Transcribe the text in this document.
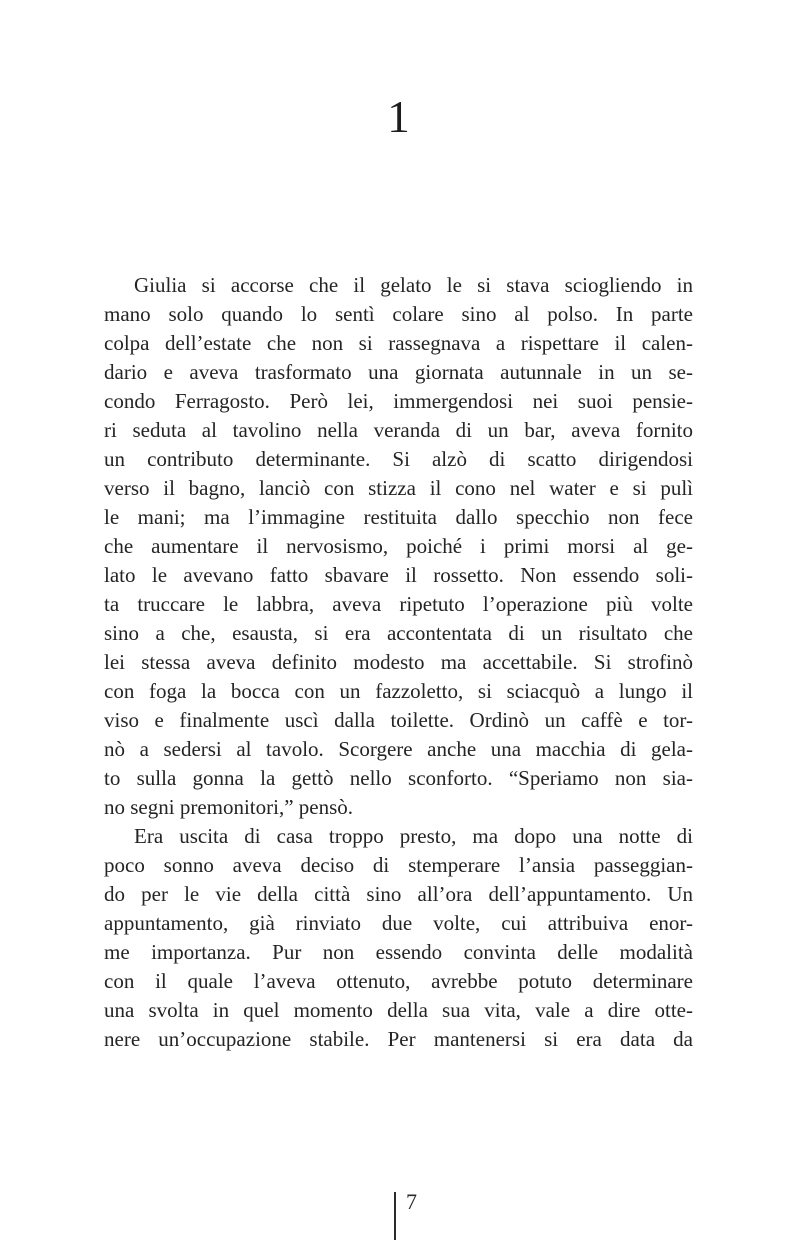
1
Giulia si accorse che il gelato le si stava sciogliendo in
mano solo quando lo sentì colare sino al polso. In parte
colpa dell’estate che non si rassegnava a rispettare il calen-
dario e aveva trasformato una giornata autunnale in un se-
condo Ferragosto. Però lei, immergendosi nei suoi pensie-
ri seduta al tavolino nella veranda di un bar, aveva fornito
un contributo determinante. Si alzò di scatto dirigendosi
verso il bagno, lanciò con stizza il cono nel water e si pulì
le mani; ma l’immagine restituita dallo specchio non fece
che aumentare il nervosismo, poiché i primi morsi al ge-
lato le avevano fatto sbavare il rossetto. Non essendo soli-
ta truccare le labbra, aveva ripetuto l’operazione più volte
sino a che, esausta, si era accontentata di un risultato che
lei stessa aveva definito modesto ma accettabile. Si strofinò
con foga la bocca con un fazzoletto, si sciacquò a lungo il
viso e finalmente uscì dalla toilette. Ordinò un caffè e tor-
nò a sedersi al tavolo. Scorgere anche una macchia di gela-
to sulla gonna la gettò nello sconforto. “Speriamo non sia-
no segni premonitori,” pensò.
Era uscita di casa troppo presto, ma dopo una notte di
poco sonno aveva deciso di stemperare l’ansia passeggian-
do per le vie della città sino all’ora dell’appuntamento. Un
appuntamento, già rinviato due volte, cui attribuiva enor-
me importanza. Pur non essendo convinta delle modalità
con il quale l’aveva ottenuto, avrebbe potuto determinare
una svolta in quel momento della sua vita, vale a dire otte-
nere un’occupazione stabile. Per mantenersi si era data da
7
